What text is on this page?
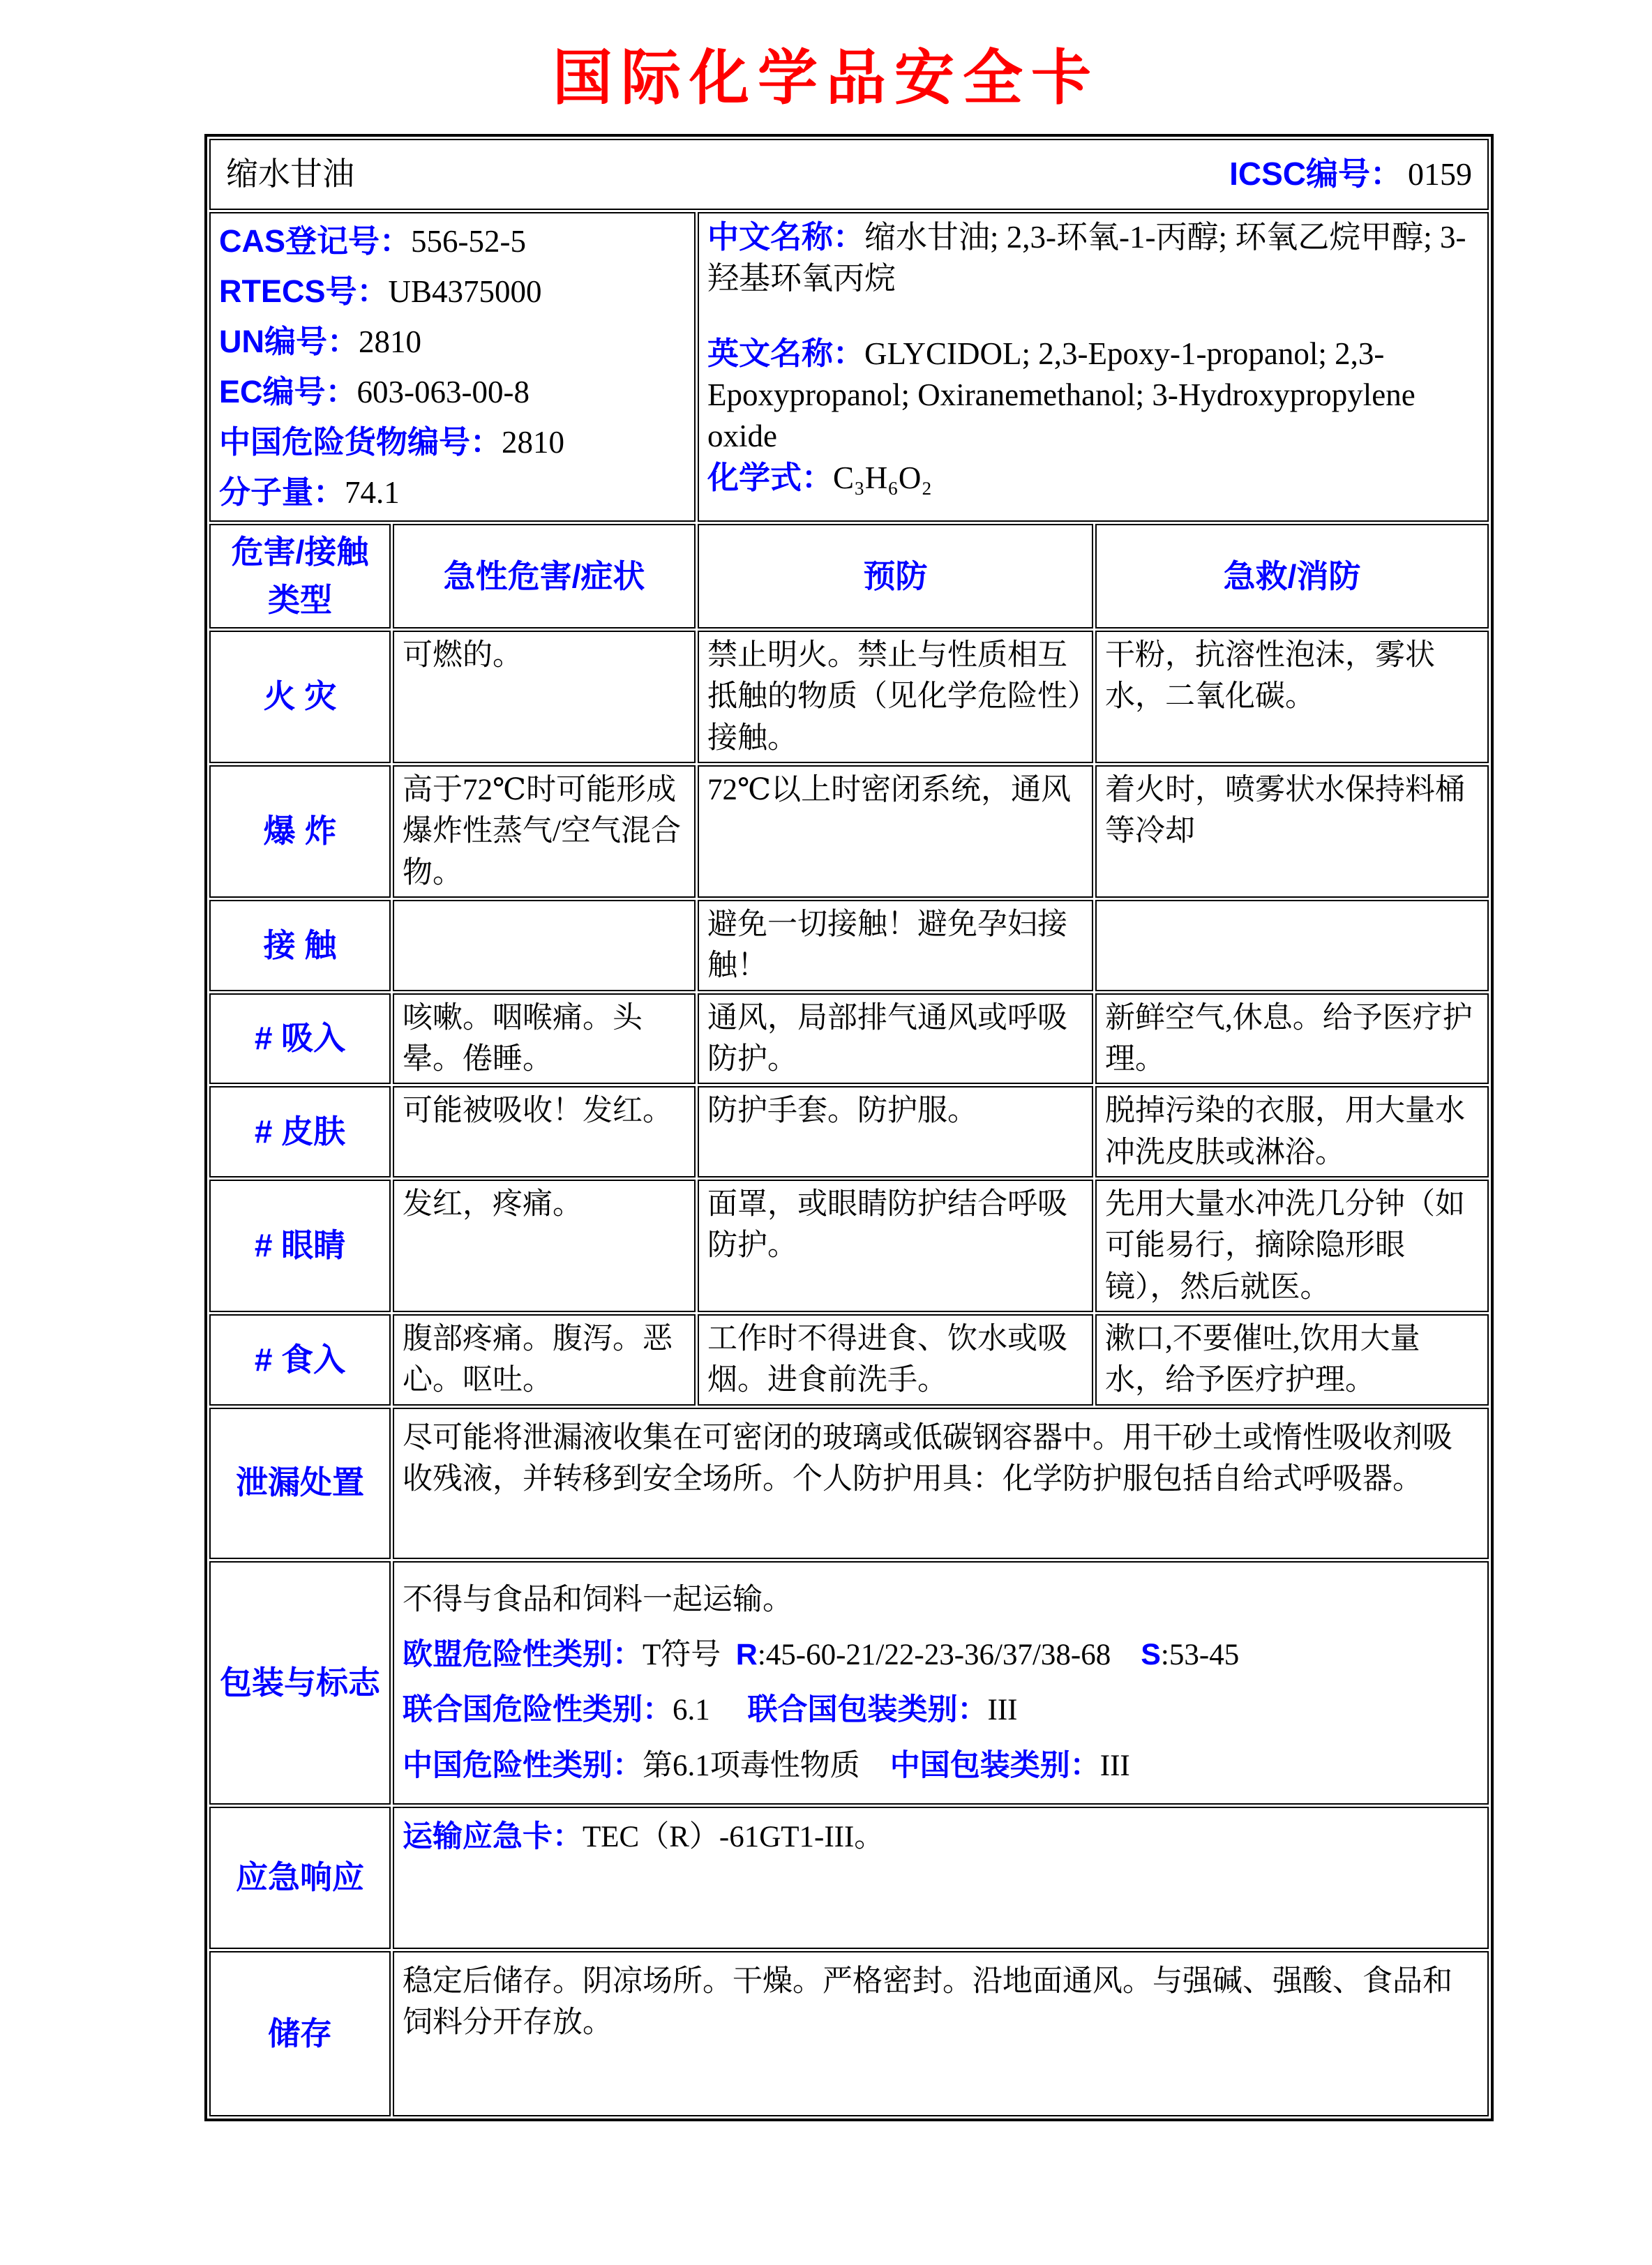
国际化学品安全卡
缩水甘油 ICSC编号： 0159			

CAS登记号：556-52-5
RTECS号：UB4375000
UN编号：2810
EC编号：603-063-00-8
中国危险货物编号：2810
分子量：74.1

中文名称：缩水甘油; 2,3-环氧-1-丙醇; 环氧乙烷甲醇; 3-羟基环氧丙烷
英文名称：GLYCIDOL; 2,3-Epoxy-1-propanol; 2,3-Epoxypropanol; Oxiranemethanol; 3-Hydroxypropylene oxide
化学式：C₃H₆O₂

危害/接触类型	急性危害/症状	预防	急救/消防
火 灾	可燃的。	禁止明火。禁止与性质相互抵触的物质（见化学危险性）接触。	干粉，抗溶性泡沫，雾状水，二氧化碳。
爆 炸	高于72℃时可能形成爆炸性蒸气/空气混合物。	72℃以上时密闭系统，通风	着火时，喷雾状水保持料桶等冷却
接 触		避免一切接触！避免孕妇接触！	
# 吸入	咳嗽。咽喉痛。头晕。倦睡。	通风，局部排气通风或呼吸防护。	新鲜空气,休息。给予医疗护理。
# 皮肤	可能被吸收！发红。	防护手套。防护服。	脱掉污染的衣服，用大量水冲洗皮肤或淋浴。
# 眼睛	发红，疼痛。	面罩，或眼睛防护结合呼吸防护。	先用大量水冲洗几分钟（如可能易行，摘除隐形眼镜），然后就医。
# 食入	腹部疼痛。腹泻。恶心。呕吐。	工作时不得进食、饮水或吸烟。进食前洗手。	漱口,不要催吐,饮用大量水，给予医疗护理。
泄漏处置	尽可能将泄漏液收集在可密闭的玻璃或低碳钢容器中。用干砂土或惰性吸收剂吸收残液，并转移到安全场所。个人防护用具：化学防护服包括自给式呼吸器。		

包装与标志	不得与食品和饲料一起运输。
欧盟危险性类别：T符号  R:45-60-21/22-23-36/37/38-68    S:53-45
联合国危险性类别：6.1　 联合国包装类别：III
中国危险性类别：第6.1项毒性物质　中国包装类别：III		

应急响应	运输应急卡：TEC（R）-61GT1-III。		

储存	稳定后储存。阴凉场所。干燥。严格密封。沿地面通风。与强碱、强酸、食品和饲料分开存放。		
